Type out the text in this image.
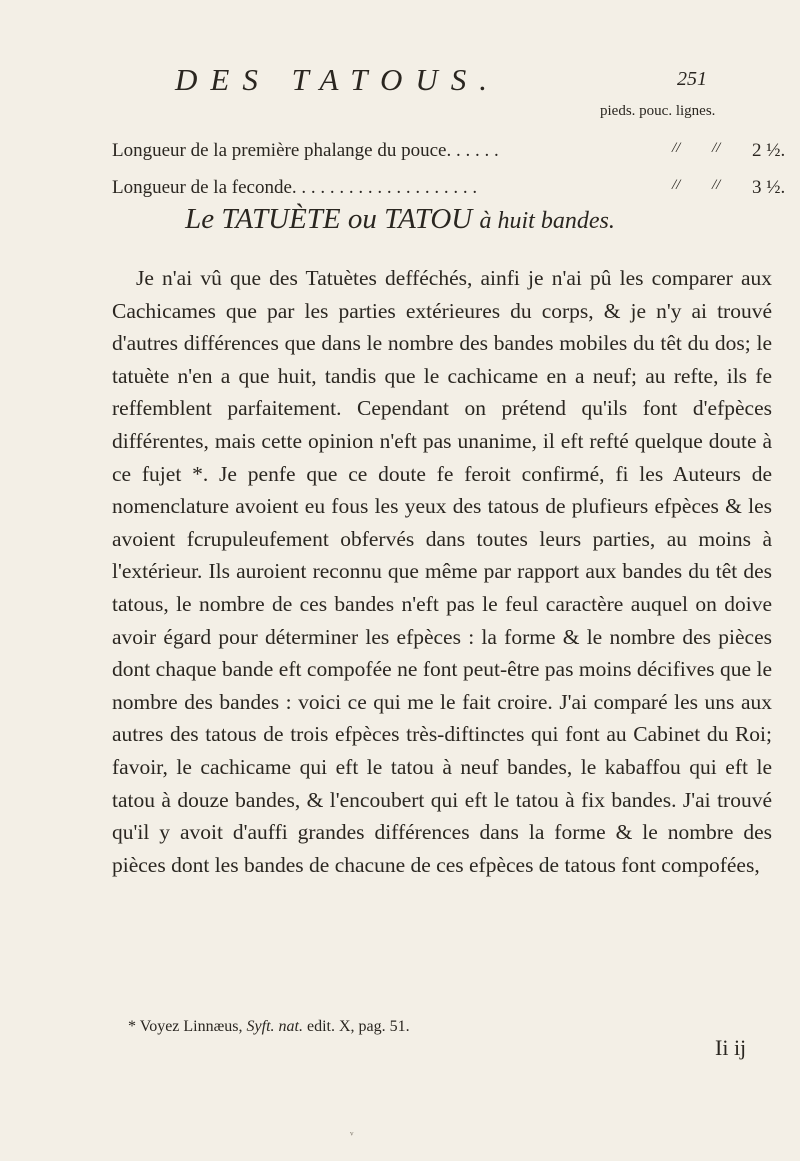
DES TATOUS.	251
pieds. pouc. lignes.
Longueur de la première phalange du pouce. . . . . .	// // 2 ½.
Longueur de la feconde. . . . . . . . . . . . . . . . . . . .	// // 3 ½.
Le TATUÈTE ou TATOU à huit bandes.

Je n'ai vû que des Tatuètes defféchés, ainfi je n'ai pû les comparer aux Cachicames que par les parties extérieures du corps, & je n'y ai trouvé d'autres différences que dans le nombre des bandes mobiles du têt du dos; le tatuète n'en a que huit, tandis que le cachicame en a neuf; au refte, ils fe reffemblent parfaitement. Cependant on prétend qu'ils font d'efpèces différentes, mais cette opinion n'eft pas unanime, il eft refté quelque doute à ce fujet *. Je penfe que ce doute fe feroit confirmé, fi les Auteurs de nomenclature avoient eu fous les yeux des tatous de plufieurs efpèces & les avoient fcrupuleufement obfervés dans toutes leurs parties, au moins à l'extérieur. Ils auroient reconnu que même par rapport aux bandes du têt des tatous, le nombre de ces bandes n'eft pas le feul caractère auquel on doive avoir égard pour déterminer les efpèces : la forme & le nombre des pièces dont chaque bande eft compofée ne font peut-être pas moins décifives que le nombre des bandes : voici ce qui me le fait croire. J'ai comparé les uns aux autres des tatous de trois efpèces très-diftinctes qui font au Cabinet du Roi; favoir, le cachicame qui eft le tatou à neuf bandes, le kabaffou qui eft le tatou à douze bandes, & l'encoubert qui eft le tatou à fix bandes. J'ai trouvé qu'il y avoit d'auffi grandes différences dans la forme & le nombre des pièces dont les bandes de chacune de ces efpèces de tatous font compofées,

* Voyez Linnæus, Syft. nat. edit. X, pag. 51.
Ii ij
ᵛ
